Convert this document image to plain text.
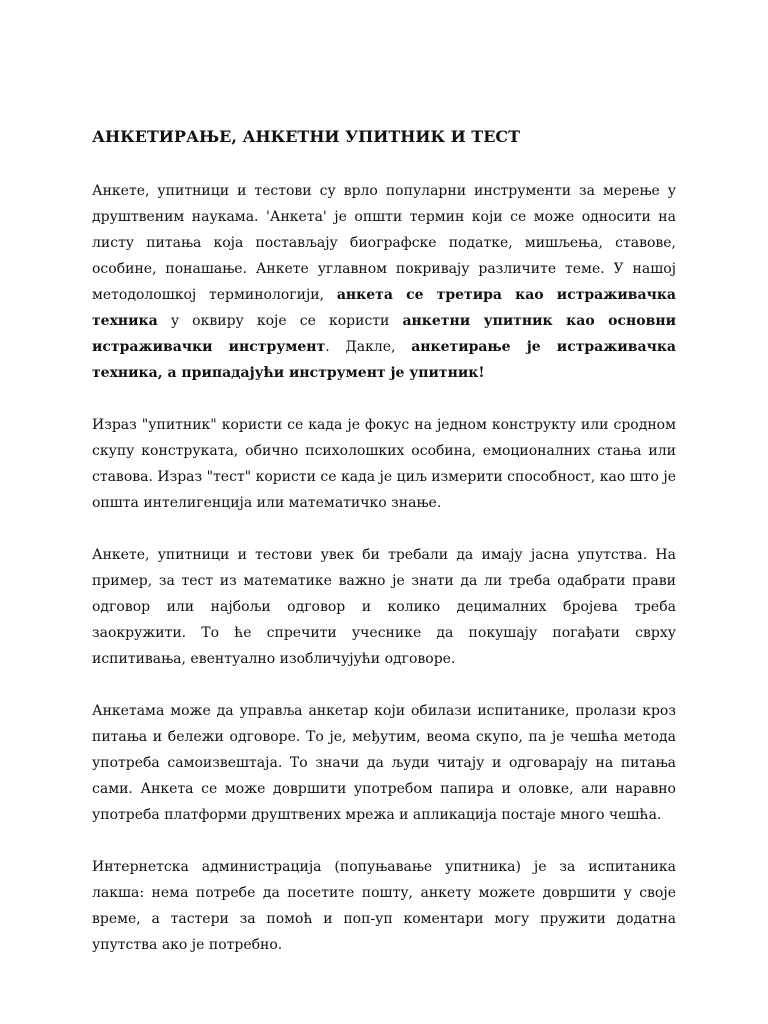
АНКЕТИРАЊЕ, АНКЕТНИ УПИТНИК И ТЕСТ

Анкете, упитници и тестови су врло популарни инструменти за мерење у друштвеним наукама. 'Анкета' је општи термин који се може односити на листу питања која постављају биографске податке, мишљења, ставове, особине, понашање. Анкете углавном покривају различите теме. У нашој методолошкој терминологији, анкета се третира као истраживачка техника у оквиру које се користи анкетни упитник као основни истраживачки инструмент. Дакле, анкетирање је истраживачка техника, а припадајући инструмент је упитник!

Израз "упитник" користи се када је фокус на једном конструкту или сродном скупу конструката, обично психолошких особина, емоционалних стања или ставова. Израз "тест" користи се када је циљ измерити способност, као што је општа интелигенција или математичко знање.

Анкете, упитници и тестови увек би требали да имају јасна упутства. На пример, за тест из математике важно је знати да ли треба одабрати прави одговор или најбољи одговор и колико децималних бројева треба заокружити. То ће спречити учеснике да покушају погађати сврху испитивања, евентуално изобличујући одговоре.

Анкетама може да управља анкетар који обилази испитанике, пролази кроз питања и бележи одговоре. То је, међутим, веома скупо, па је чешћа метода употреба самоизвештаја. То значи да људи читају и одговарају на питања сами. Анкета се може довршити употребом папира и оловке, али наравно употреба платформи друштвених мрежа и апликација постаје много чешћа.

Интернетска администрација (попуњавање упитника) је за испитаника лакша: нема потребе да посетите пошту, анкету можете довршити у своје време, а тастери за помоћ и поп-уп коментари могу пружити додатна упутства ако је потребно.
